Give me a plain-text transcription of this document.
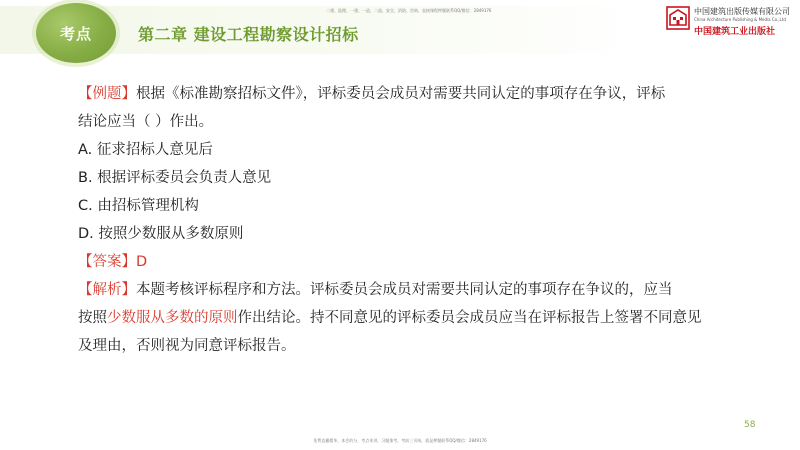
考点	第二章 建设工程勘察设计招标
二建、监理、一建、一造、二造、安全、消防、咨询，直接课程押题联系QQ/微信：2849176	中国建筑出版传媒有限公司
China Architecture Publishing & Media Co.,Ltd
中国建筑工业出版社

【例题】根据《标准勘察招标文件》，评标委员会成员对需要共同认定的事项存在争议，评标

结论应当（ ）作出。

A. 征求招标人意见后

B. 根据评标委员会负责人意见

C. 由招标管理机构

D. 按照少数服从多数原则

【答案】D

【解析】本题考核评标程序和方法。评标委员会成员对需要共同认定的事项存在争议的，应当

按照少数服从多数的原则作出结论。持不同意见的评标委员会成员应当在评标报告上签署不同意见

及理由，否则视为同意评标报告。

58
免费直播精华，本会约分，考点来讲，习题推考，考前三页纸，就是押题联系QQ/微信：2849176
